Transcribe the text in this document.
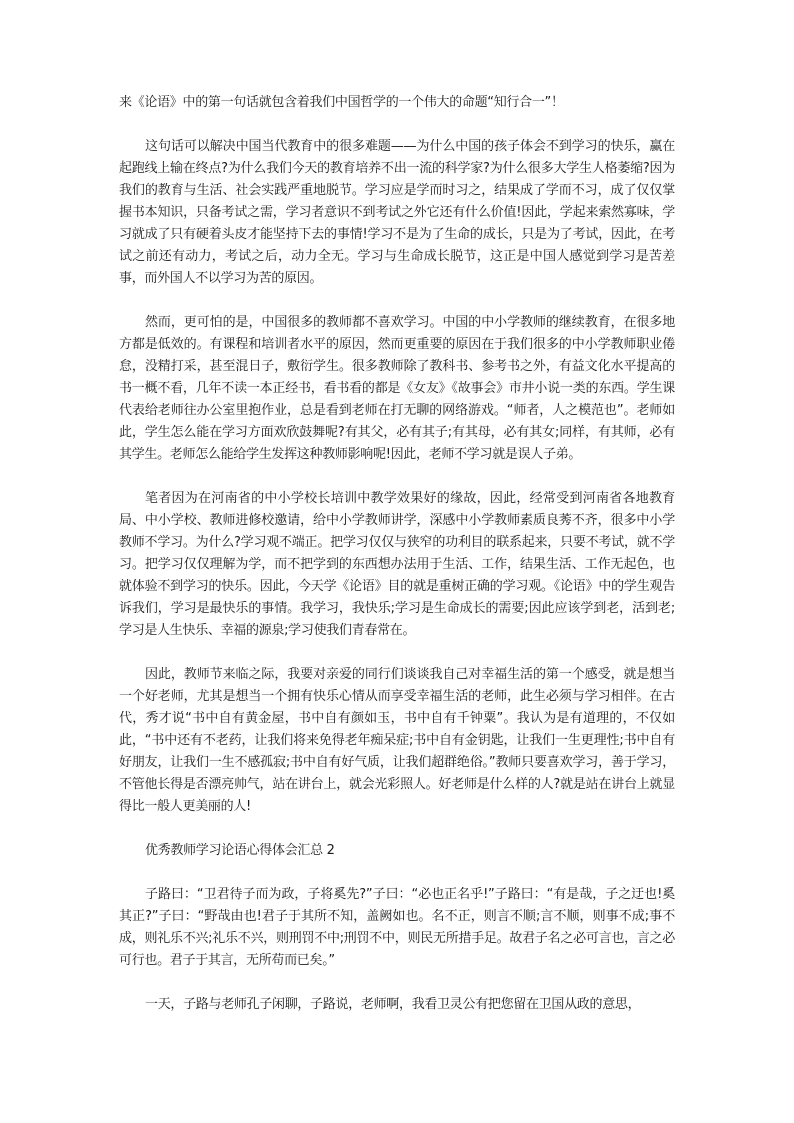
来《论语》中的第一句话就包含着我们中国哲学的一个伟大的命题“知行合一”！

这句话可以解决中国当代教育中的很多难题——为什么中国的孩子体会不到学习的快乐，赢在起跑线上输在终点?为什么我们今天的教育培养不出一流的科学家?为什么很多大学生人格萎缩?因为我们的教育与生活、社会实践严重地脱节。学习应是学而时习之，结果成了学而不习，成了仅仅掌握书本知识，只备考试之需，学习者意识不到考试之外它还有什么价值!因此，学起来索然寡味，学习就成了只有硬着头皮才能坚持下去的事情!学习不是为了生命的成长，只是为了考试，因此，在考试之前还有动力，考试之后，动力全无。学习与生命成长脱节，这正是中国人感觉到学习是苦差事，而外国人不以学习为苦的原因。

然而，更可怕的是，中国很多的教师都不喜欢学习。中国的中小学教师的继续教育，在很多地方都是低效的。有课程和培训者水平的原因，然而更重要的原因在于我们很多的中小学教师职业倦怠，没精打采，甚至混日子，敷衍学生。很多教师除了教科书、参考书之外，有益文化水平提高的书一概不看，几年不读一本正经书，看书看的都是《女友》《故事会》市井小说一类的东西。学生课代表给老师往办公室里抱作业，总是看到老师在打无聊的网络游戏。“师者，人之模范也”。老师如此，学生怎么能在学习方面欢欣鼓舞呢?有其父，必有其子;有其母，必有其女;同样，有其师，必有其学生。老师怎么能给学生发挥这种教师影响呢!因此，老师不学习就是误人子弟。

笔者因为在河南省的中小学校长培训中教学效果好的缘故，因此，经常受到河南省各地教育局、中小学校、教师进修校邀请，给中小学教师讲学，深感中小学教师素质良莠不齐，很多中小学教师不学习。为什么?学习观不端正。把学习仅仅与狭窄的功利目的联系起来，只要不考试，就不学习。把学习仅仅理解为学，而不把学到的东西想办法用于生活、工作，结果生活、工作无起色，也就体验不到学习的快乐。因此，今天学《论语》目的就是重树正确的学习观。《论语》中的学生观告诉我们，学习是最快乐的事情。我学习，我快乐;学习是生命成长的需要;因此应该学到老，活到老;学习是人生快乐、幸福的源泉;学习使我们青春常在。

因此，教师节来临之际，我要对亲爱的同行们谈谈我自己对幸福生活的第一个感受，就是想当一个好老师，尤其是想当一个拥有快乐心情从而享受幸福生活的老师，此生必须与学习相伴。在古代，秀才说“书中自有黄金屋，书中自有颜如玉，书中自有千钟粟”。我认为是有道理的，不仅如此，“书中还有不老药，让我们将来免得老年痴呆症;书中自有金钥匙，让我们一生更理性;书中自有好朋友，让我们一生不感孤寂;书中自有好气质，让我们超群绝俗。”教师只要喜欢学习，善于学习，不管他长得是否漂亮帅气，站在讲台上，就会光彩照人。好老师是什么样的人?就是站在讲台上就显得比一般人更美丽的人!

优秀教师学习论语心得体会汇总 2

子路曰：“卫君待子而为政，子将奚先?”子曰：“必也正名乎!”子路曰：“有是哉，子之迂也!奚其正?”子曰：“野哉由也!君子于其所不知，盖阙如也。名不正，则言不顺;言不顺，则事不成;事不成，则礼乐不兴;礼乐不兴，则刑罚不中;刑罚不中，则民无所措手足。故君子名之必可言也，言之必可行也。君子于其言，无所苟而已矣。”

一天，子路与老师孔子闲聊，子路说，老师啊，我看卫灵公有把您留在卫国从政的意思，
